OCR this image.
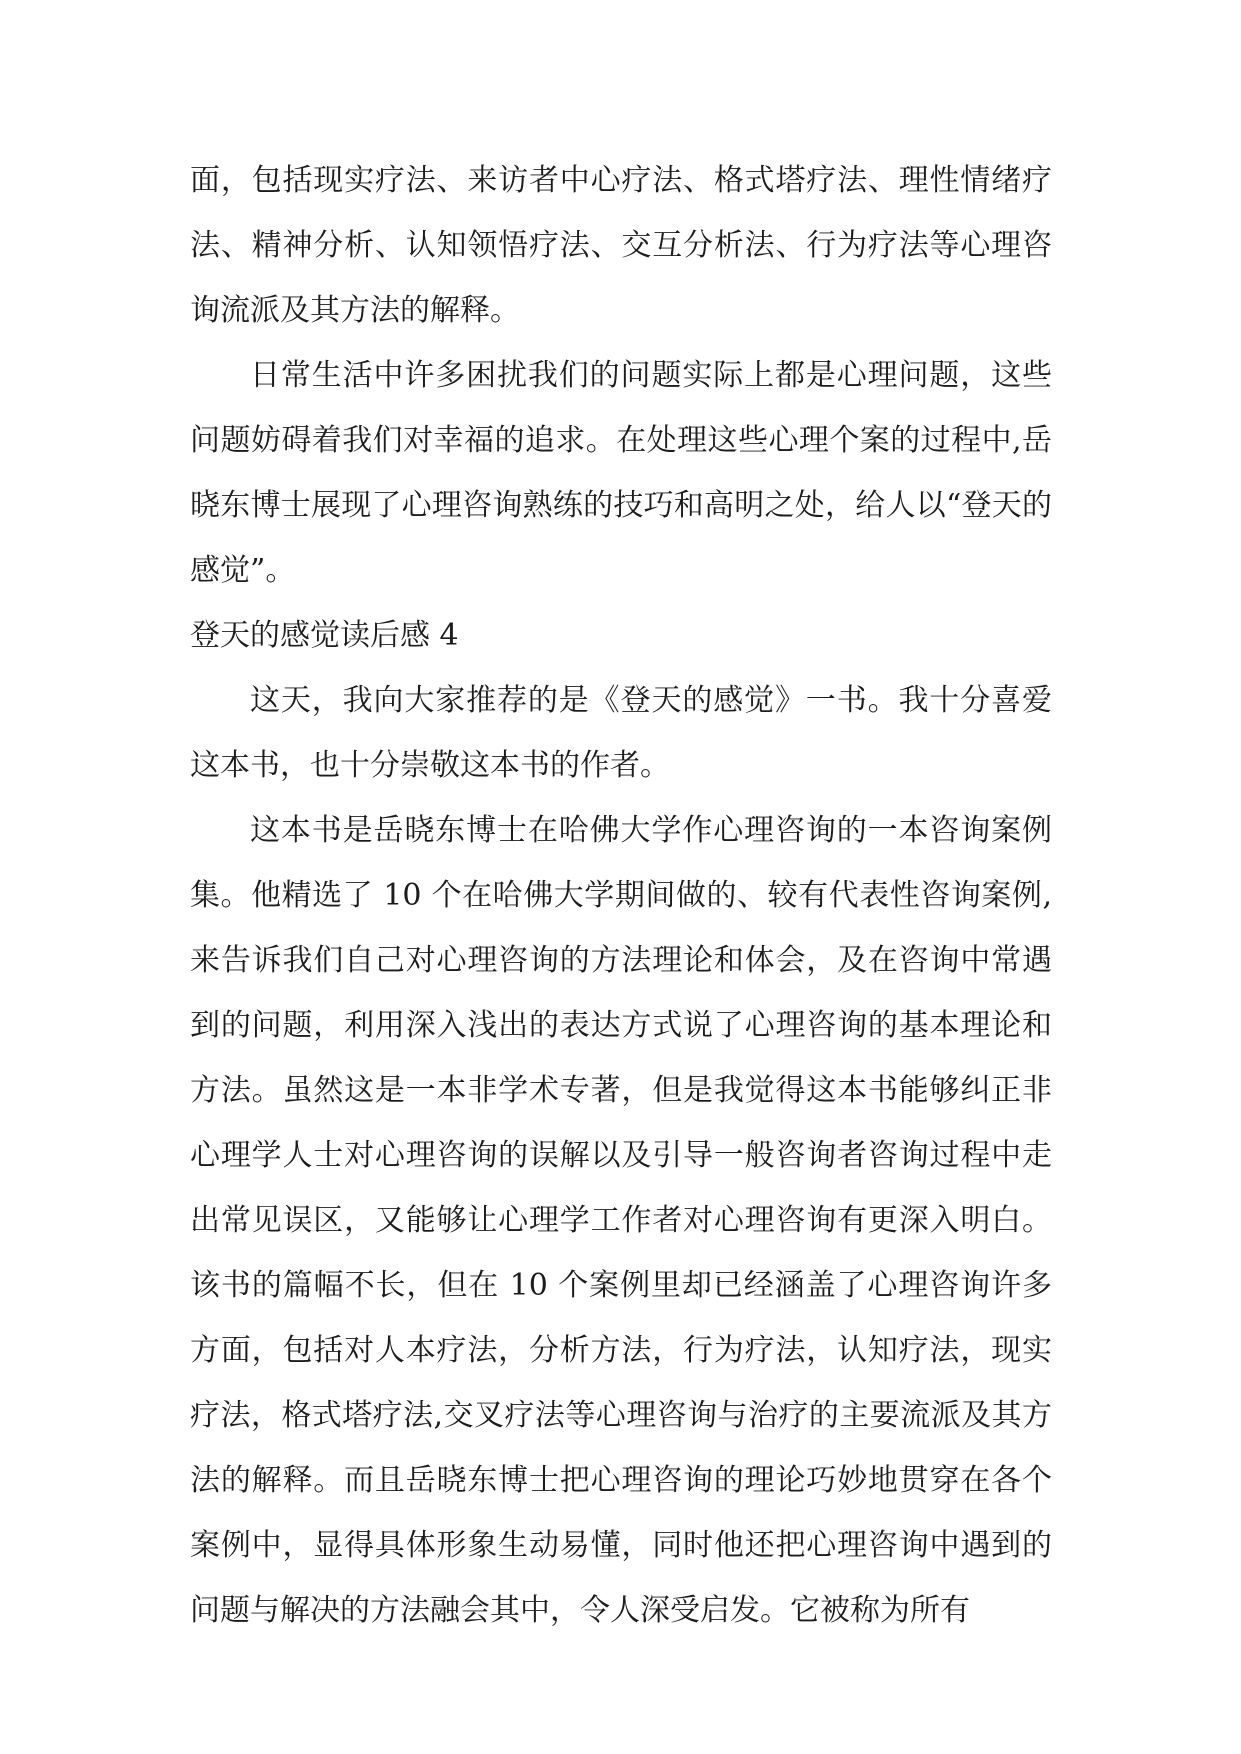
面，包括现实疗法、来访者中心疗法、格式塔疗法、理性情绪疗法、精神分析、认知领悟疗法、交互分析法、行为疗法等心理咨询流派及其方法的解释。

日常生活中许多困扰我们的问题实际上都是心理问题，这些问题妨碍着我们对幸福的追求。在处理这些心理个案的过程中,岳晓东博士展现了心理咨询熟练的技巧和高明之处，给人以“登天的感觉”。

登天的感觉读后感 4

这天，我向大家推荐的是《登天的感觉》一书。我十分喜爱这本书，也十分崇敬这本书的作者。

这本书是岳晓东博士在哈佛大学作心理咨询的一本咨询案例集。他精选了 10 个在哈佛大学期间做的、较有代表性咨询案例,来告诉我们自己对心理咨询的方法理论和体会，及在咨询中常遇到的问题，利用深入浅出的表达方式说了心理咨询的基本理论和方法。虽然这是一本非学术专著，但是我觉得这本书能够纠正非心理学人士对心理咨询的误解以及引导一般咨询者咨询过程中走出常见误区，又能够让心理学工作者对心理咨询有更深入明白。该书的篇幅不长，但在 10 个案例里却已经涵盖了心理咨询许多方面，包括对人本疗法，分析方法，行为疗法，认知疗法，现实疗法，格式塔疗法,交叉疗法等心理咨询与治疗的主要流派及其方法的解释。而且岳晓东博士把心理咨询的理论巧妙地贯穿在各个案例中，显得具体形象生动易懂，同时他还把心理咨询中遇到的问题与解决的方法融会其中，令人深受启发。它被称为所有
